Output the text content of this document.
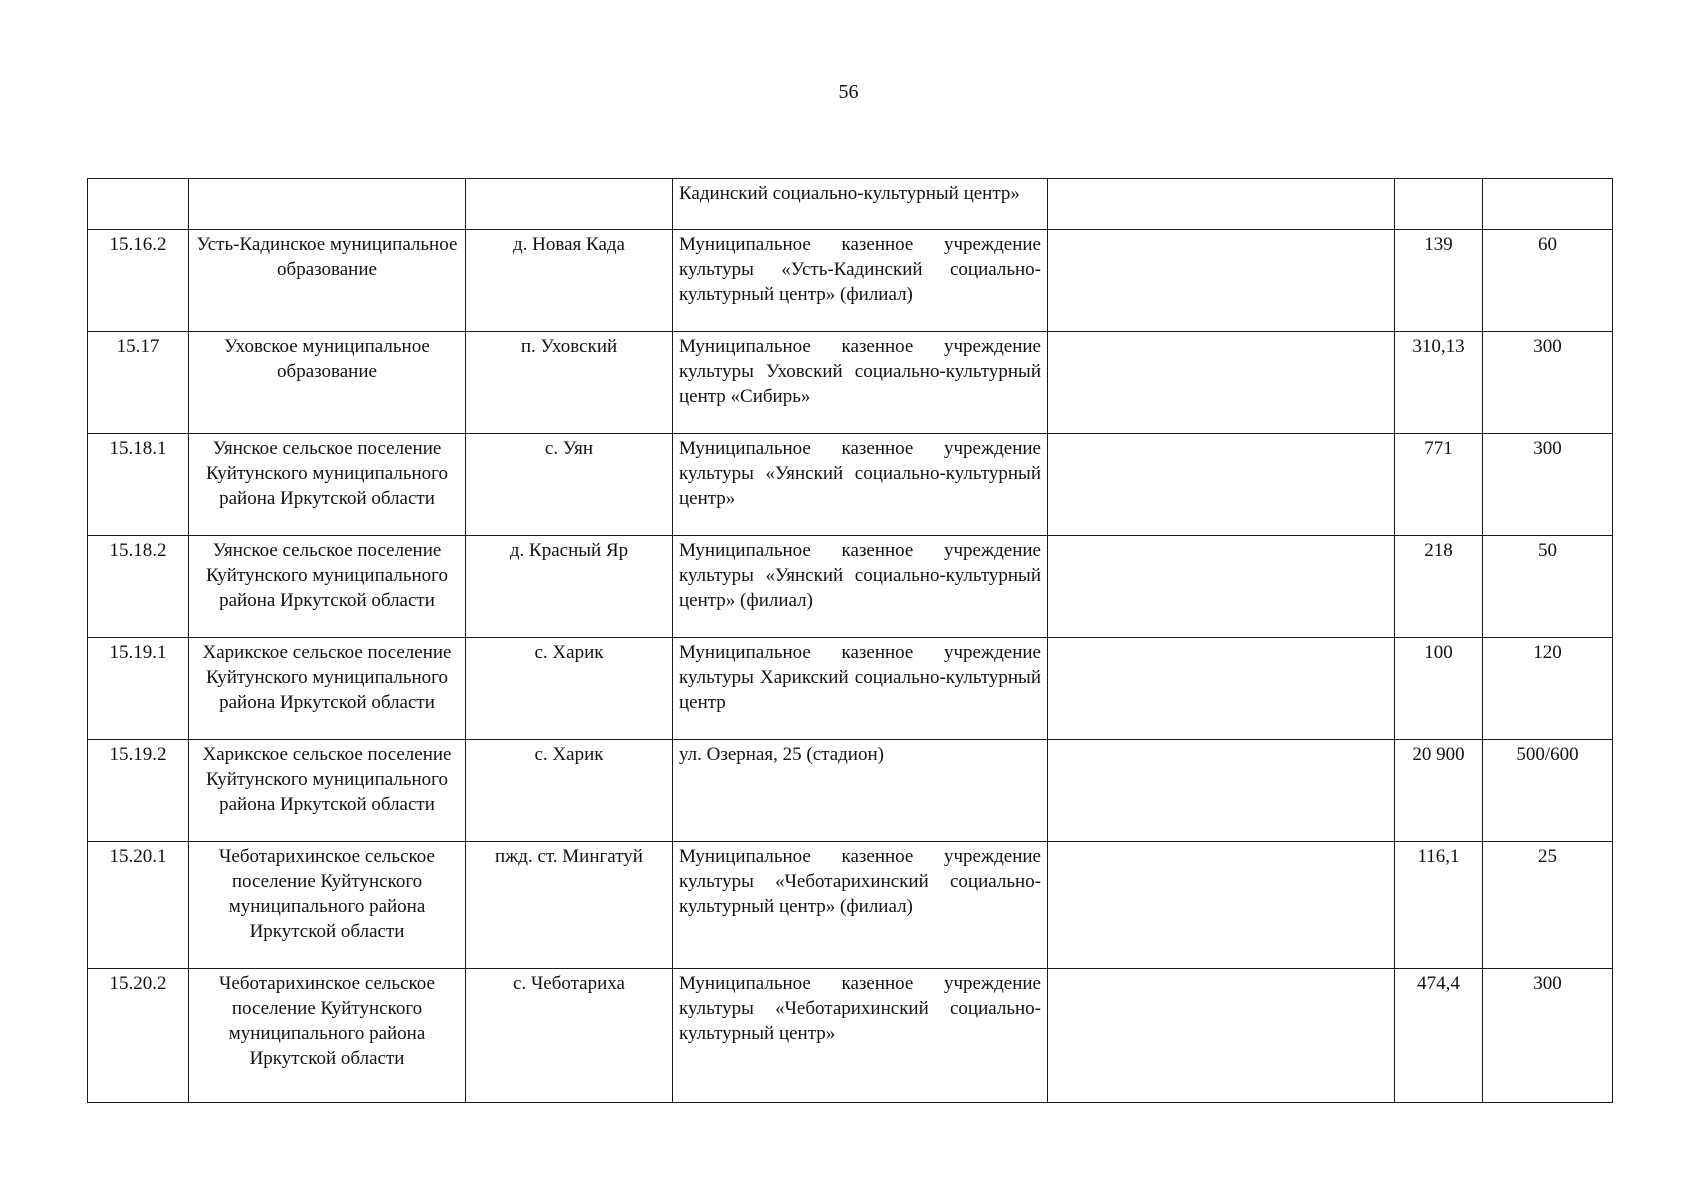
56
			Кадинский социально-культурный центр»			
15.16.2	Усть-Кадинское муниципальное образование	д. Новая Када	Муниципальное казенное учреждение культуры «Усть-Кадинский социально-культурный центр» (филиал)		139	60
15.17	Уховское муниципальное образование	п. Уховский	Муниципальное казенное учреждение культуры Уховский социально-культурный центр «Сибирь»		310,13	300
15.18.1	Уянское сельское поселение Куйтунского муниципального района Иркутской области	с. Уян	Муниципальное казенное учреждение культуры «Уянский социально-культурный центр»		771	300
15.18.2	Уянское сельское поселение Куйтунского муниципального района Иркутской области	д. Красный Яр	Муниципальное казенное учреждение культуры «Уянский социально-культурный центр» (филиал)		218	50
15.19.1	Харикское сельское поселение Куйтунского муниципального района Иркутской области	с. Харик	Муниципальное казенное учреждение культуры Харикский социально-культурный центр		100	120
15.19.2	Харикское сельское поселение Куйтунского муниципального района Иркутской области	с. Харик	ул. Озерная, 25 (стадион)		20 900	500/600
15.20.1	Чеботарихинское сельское поселение Куйтунского муниципального района Иркутской области	пжд. ст. Мингатуй	Муниципальное казенное учреждение культуры «Чеботарихинский социально-культурный центр» (филиал)		116,1	25
15.20.2	Чеботарихинское сельское поселение Куйтунского муниципального района Иркутской области	с. Чеботариха	Муниципальное казенное учреждение культуры «Чеботарихинский социально-культурный центр»		474,4	300
